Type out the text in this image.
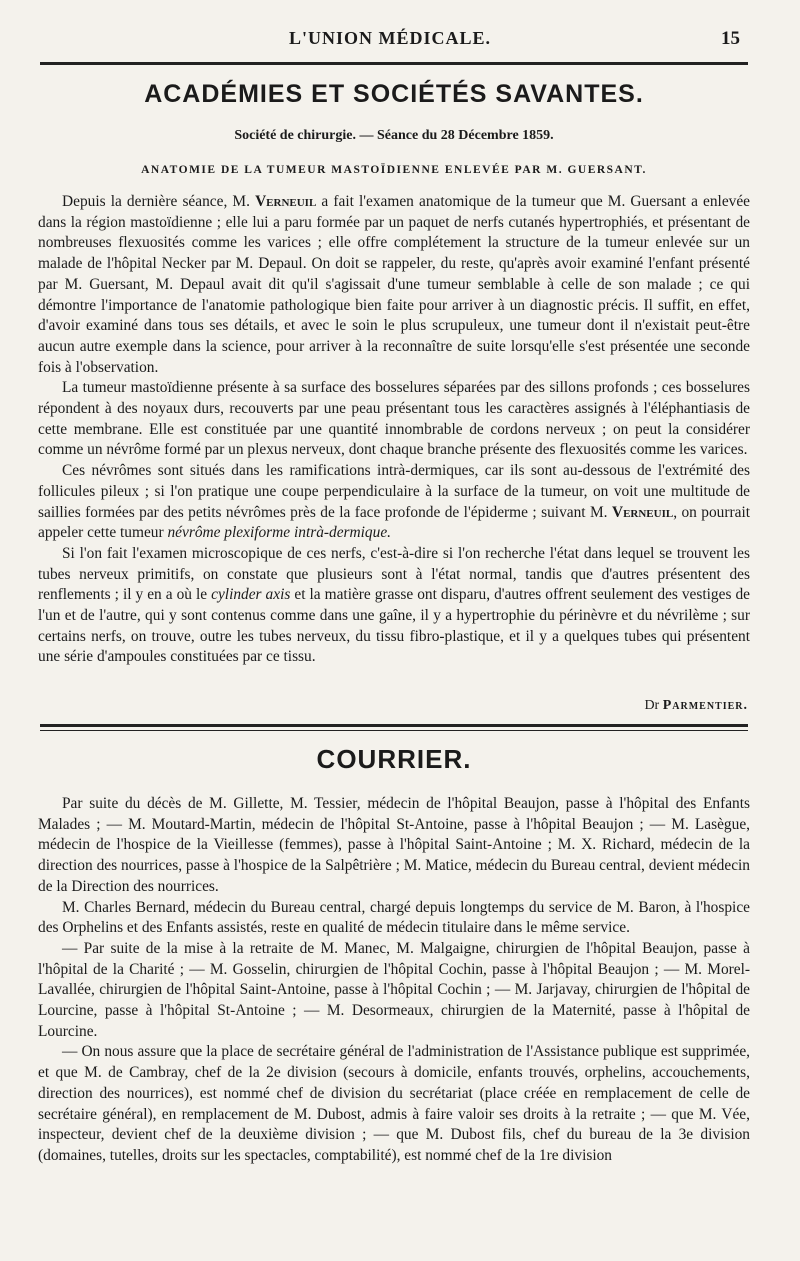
L'UNION MÉDICALE.	15
ACADÉMIES ET SOCIÉTÉS SAVANTES.
Société de chirurgie. — Séance du 28 Décembre 1859.
ANATOMIE DE LA TUMEUR MASTOÏDIENNE ENLEVÉE PAR M. GUERSANT.

Depuis la dernière séance, M. Verneuil a fait l'examen anatomique de la tumeur que M. Guersant a enlevée dans la région mastoïdienne ; elle lui a paru formée par un paquet de nerfs cutanés hypertrophiés, et présentant de nombreuses flexuosités comme les varices ; elle offre complétement la structure de la tumeur enlevée sur un malade de l'hôpital Necker par M. Depaul. On doit se rappeler, du reste, qu'après avoir examiné l'enfant présenté par M. Guersant, M. Depaul avait dit qu'il s'agissait d'une tumeur semblable à celle de son malade ; ce qui démontre l'importance de l'anatomie pathologique bien faite pour arriver à un diagnostic précis. Il suffit, en effet, d'avoir examiné dans tous ses détails, et avec le soin le plus scrupuleux, une tumeur dont il n'existait peut-être aucun autre exemple dans la science, pour arriver à la reconnaître de suite lorsqu'elle s'est présentée une seconde fois à l'observation.

La tumeur mastoïdienne présente à sa surface des bosselures séparées par des sillons profonds ; ces bosselures répondent à des noyaux durs, recouverts par une peau présentant tous les caractères assignés à l'éléphantiasis de cette membrane. Elle est constituée par une quantité innombrable de cordons nerveux ; on peut la considérer comme un névrôme formé par un plexus nerveux, dont chaque branche présente des flexuosités comme les varices.

Ces névrômes sont situés dans les ramifications intrà-dermiques, car ils sont au-dessous de l'extrémité des follicules pileux ; si l'on pratique une coupe perpendiculaire à la surface de la tumeur, on voit une multitude de saillies formées par des petits névrômes près de la face profonde de l'épiderme ; suivant M. Verneuil, on pourrait appeler cette tumeur névrôme plexiforme intrà-dermique.

Si l'on fait l'examen microscopique de ces nerfs, c'est-à-dire si l'on recherche l'état dans lequel se trouvent les tubes nerveux primitifs, on constate que plusieurs sont à l'état normal, tandis que d'autres présentent des renflements ; il y en a où le cylinder axis et la matière grasse ont disparu, d'autres offrent seulement des vestiges de l'un et de l'autre, qui y sont contenus comme dans une gaîne, il y a hypertrophie du périnèvre et du névrilème ; sur certains nerfs, on trouve, outre les tubes nerveux, du tissu fibro-plastique, et il y a quelques tubes qui présentent une série d'ampoules constituées par ce tissu.

Dr Parmentier.
COURRIER.

Par suite du décès de M. Gillette, M. Tessier, médecin de l'hôpital Beaujon, passe à l'hôpital des Enfants Malades ; — M. Moutard-Martin, médecin de l'hôpital St-Antoine, passe à l'hôpital Beaujon ; — M. Lasègue, médecin de l'hospice de la Vieillesse (femmes), passe à l'hôpital Saint-Antoine ; M. X. Richard, médecin de la direction des nourrices, passe à l'hospice de la Salpêtrière ; M. Matice, médecin du Bureau central, devient médecin de la Direction des nourrices.

M. Charles Bernard, médecin du Bureau central, chargé depuis longtemps du service de M. Baron, à l'hospice des Orphelins et des Enfants assistés, reste en qualité de médecin titulaire dans le même service.

— Par suite de la mise à la retraite de M. Manec, M. Malgaigne, chirurgien de l'hôpital Beaujon, passe à l'hôpital de la Charité ; — M. Gosselin, chirurgien de l'hôpital Cochin, passe à l'hôpital Beaujon ; — M. Morel-Lavallée, chirurgien de l'hôpital Saint-Antoine, passe à l'hôpital Cochin ; — M. Jarjavay, chirurgien de l'hôpital de Lourcine, passe à l'hôpital St-Antoine ; — M. Desormeaux, chirurgien de la Maternité, passe à l'hôpital de Lourcine.

— On nous assure que la place de secrétaire général de l'administration de l'Assistance publique est supprimée, et que M. de Cambray, chef de la 2e division (secours à domicile, enfants trouvés, orphelins, accouchements, direction des nourrices), est nommé chef de division du secrétariat (place créée en remplacement de celle de secrétaire général), en remplacement de M. Dubost, admis à faire valoir ses droits à la retraite ; — que M. Vée, inspecteur, devient chef de la deuxième division ; — que M. Dubost fils, chef du bureau de la 3e division (domaines, tutelles, droits sur les spectacles, comptabilité), est nommé chef de la 1re division
